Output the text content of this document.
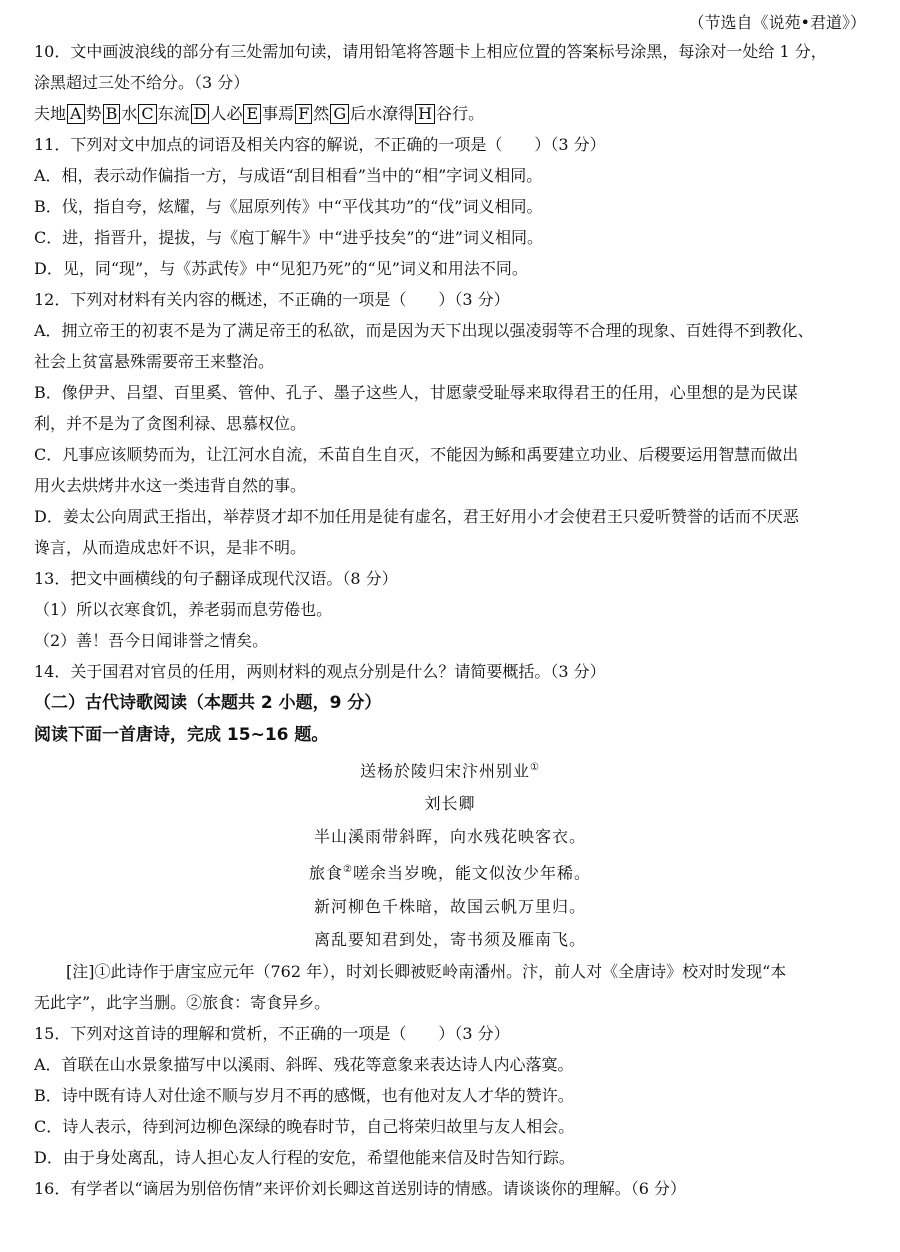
（节选自《说苑•君道》）
10．文中画波浪线的部分有三处需加句读，请用铅笔将答题卡上相应位置的答案标号涂黑，每涂对一处给 1 分，
涂黑超过三处不给分。（3 分）
夫地 A 势 B 水 C 东流 D 人必 E 事焉 F 然 G 后水潦得 H 谷行。
11．下列对文中加点的词语及相关内容的解说，不正确的一项是（　　）（3 分）
A．相，表示动作偏指一方，与成语“刮目相看”当中的“相”字词义相同。
B．伐，指自夸，炫耀，与《屈原列传》中“平伐其功”的“伐”词义相同。
C．进，指晋升，提拔，与《庖丁解牛》中“进乎技矣”的“进”词义相同。
D．见，同“现”，与《苏武传》中“见犯乃死”的“见”词义和用法不同。
12．下列对材料有关内容的概述，不正确的一项是（　　）（3 分）
A．拥立帝王的初衷不是为了满足帝王的私欲，而是因为天下出现以强凌弱等不合理的现象、百姓得不到教化、
社会上贫富悬殊需要帝王来整治。
B．像伊尹、吕望、百里奚、管仲、孔子、墨子这些人，甘愿蒙受耻辱来取得君王的任用，心里想的是为民谋
利，并不是为了贪图利禄、思慕权位。
C．凡事应该顺势而为，让江河水自流，禾苗自生自灭，不能因为鲧和禹要建立功业、后稷要运用智慧而做出
用火去烘烤井水这一类违背自然的事。
D．姜太公向周武王指出，举荐贤才却不加任用是徒有虚名，君王好用小才会使君王只爱听赞誉的话而不厌恶
谗言，从而造成忠奸不识，是非不明。
13．把文中画横线的句子翻译成现代汉语。（8 分）
（1）所以衣寒食饥，养老弱而息劳倦也。
（2）善！吾今日闻诽誉之情矣。
14．关于国君对官员的任用，两则材料的观点分别是什么？请简要概括。（3 分）
（二）古代诗歌阅读（本题共 2 小题，9 分）
阅读下面一首唐诗，完成 15~16 题。
送杨於陵归宋汴州别业①
刘长卿
半山溪雨带斜晖，向水残花映客衣。
旅食②嗟余当岁晚，能文似汝少年稀。
新河柳色千株暗，故国云帆万里归。
离乱要知君到处，寄书须及雁南飞。
[注]①此诗作于唐宝应元年（762 年），时刘长卿被贬岭南潘州。汴，前人对《全唐诗》校对时发现“本
无此字”，此字当删。②旅食：寄食异乡。
15．下列对这首诗的理解和赏析，不正确的一项是（　　）（3 分）
A．首联在山水景象描写中以溪雨、斜晖、残花等意象来表达诗人内心落寞。
B．诗中既有诗人对仕途不顺与岁月不再的感慨，也有他对友人才华的赞许。
C．诗人表示，待到河边柳色深绿的晚春时节，自己将荣归故里与友人相会。
D．由于身处离乱，诗人担心友人行程的安危，希望他能来信及时告知行踪。
16．有学者以“谪居为别倍伤情”来评价刘长卿这首送别诗的情感。请谈谈你的理解。（6 分）
